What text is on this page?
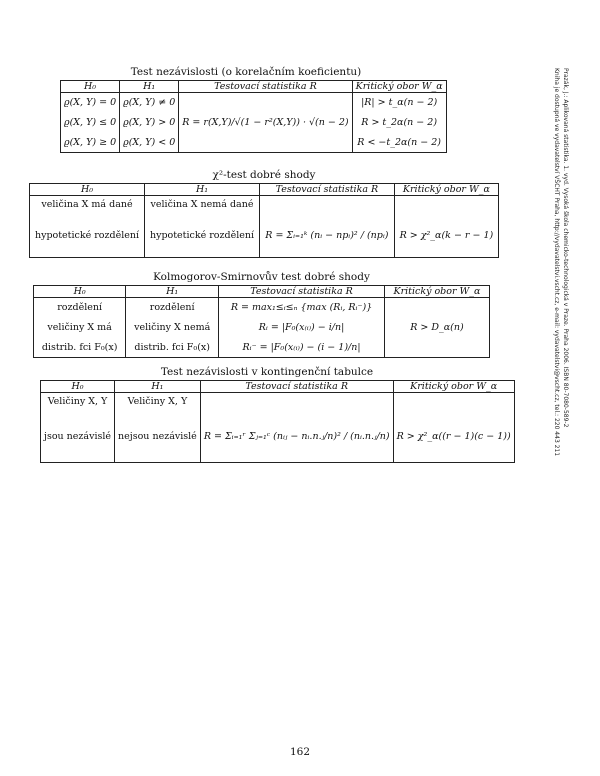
Prazák, J.: Aplikovaná statistika. 1. vyd. Vysoká škola chemicko-technologická v Praze. Praha 2006. ISBN 80-7080-589-2
Kniha je dostupná ve vydavatelství VŠCHT Praha, http://vydavatelstvi.vscht.cz, e-mail: vydavatelstvi@vscht.cz, tel.: 220 443 211
Test nezávislosti (o korelačním koeficientu)
H₀	H₁	Testovací statistika R	Kritický obor W_α
ϱ(X, Y) = 0	ϱ(X, Y) ≠ 0		|R| > t_α(n − 2)
ϱ(X, Y) ≤ 0	ϱ(X, Y) > 0	R = r(X,Y)/√(1 − r²(X,Y)) · √(n − 2)	R > t_2α(n − 2)
ϱ(X, Y) ≥ 0	ϱ(X, Y) < 0		R < −t_2α(n − 2)
χ²-test dobré shody
H₀	H₁	Testovací statistika R	Kritický obor W_α
veličina X má dané	veličina X nemá dané		
hypotetické rozdělení	hypotetické rozdělení	R = Σᵢ₌₁ᵏ (nᵢ − npᵢ)² / (npᵢ)	R > χ²_α(k − r − 1)
Kolmogorov-Smirnovův test dobré shody
H₀	H₁	Testovací statistika R	Kritický obor W_α
rozdělení	rozdělení	R = max₁≤ᵢ≤ₙ {max (Rᵢ, Rᵢ⁻)}	
veličiny X má	veličiny X nemá	Rᵢ = |F₀(x₍ᵢ₎) − i/n|	R > D_α(n)
distrib. fci F₀(x)	distrib. fci F₀(x)	Rᵢ⁻ = |F₀(x₍ᵢ₎) − (i − 1)/n|	
Test nezávislosti v kontingenční tabulce
H₀	H₁	Testovací statistika R	Kritický obor W_α
Veličiny X, Y	Veličiny X, Y		
jsou nezávislé	nejsou nezávislé	R = Σᵢ₌₁ʳ Σⱼ₌₁ᶜ (nᵢⱼ − nᵢ.n.ⱼ/n)² / (nᵢ.n.ⱼ/n)	R > χ²_α((r − 1)(c − 1))
162
